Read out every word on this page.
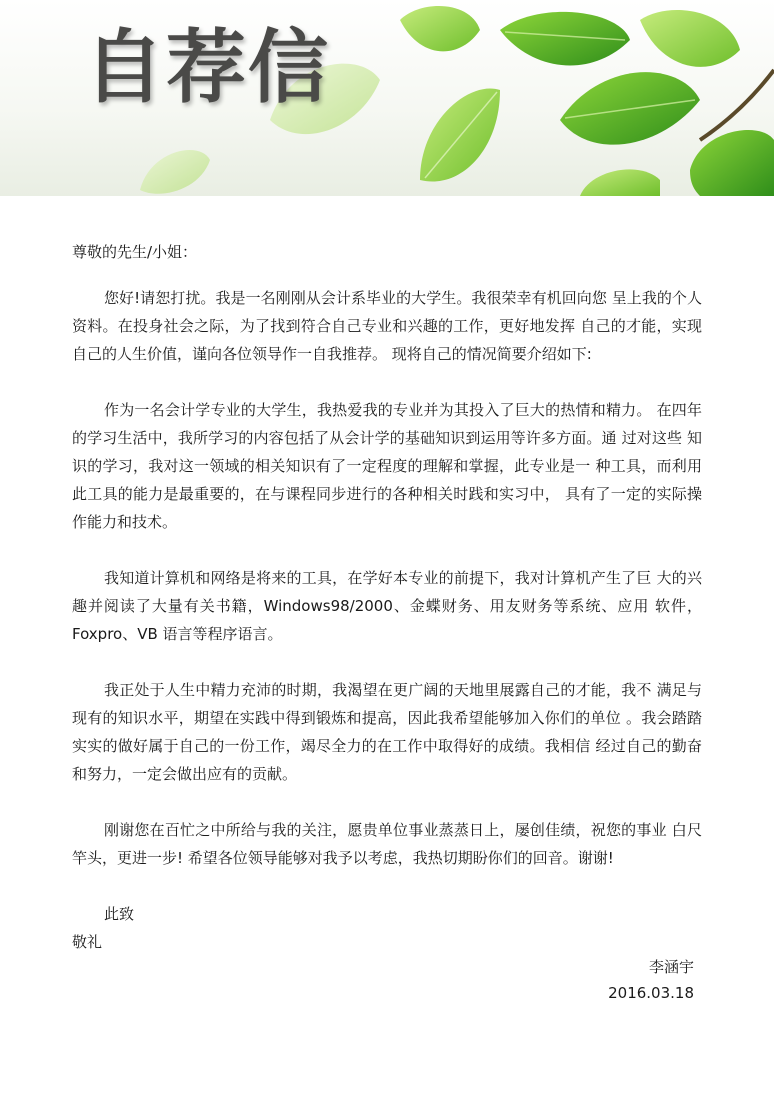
自荐信

尊敬的先生/小姐：

您好!请恕打扰。我是一名刚刚从会计系毕业的大学生。我很荣幸有机回向您 呈上我的个人资料。在投身社会之际，为了找到符合自己专业和兴趣的工作，更好地发挥 自己的才能，实现自己的人生价值，谨向各位领导作一自我推荐。 现将自己的情况简要介绍如下:

作为一名会计学专业的大学生，我热爱我的专业并为其投入了巨大的热情和精力。 在四年的学习生活中，我所学习的内容包括了从会计学的基础知识到运用等许多方面。通 过对这些 知识的学习，我对这一领域的相关知识有了一定程度的理解和掌握，此专业是一 种工具，而利用此工具的能力是最重要的，在与课程同步进行的各种相关时践和实习中， 具有了一定的实际操作能力和技术。

我知道计算机和网络是将来的工具，在学好本专业的前提下，我对计算机产生了巨 大的兴趣并阅读了大量有关书籍，Windows98/2000、金蝶财务、用友财务等系统、应用 软件，Foxpro、VB 语言等程序语言。

我正处于人生中精力充沛的时期，我渴望在更广阔的天地里展露自己的才能，我不 满足与现有的知识水平，期望在实践中得到锻炼和提高，因此我希望能够加入你们的单位 。我会踏踏实实的做好属于自己的一份工作，竭尽全力的在工作中取得好的成绩。我相信 经过自己的勤奋和努力，一定会做出应有的贡献。

刚谢您在百忙之中所给与我的关注，愿贵单位事业蒸蒸日上，屡创佳绩，祝您的事业 白尺竿头，更进一步! 希望各位领导能够对我予以考虑，我热切期盼你们的回音。谢谢!

此致

敬礼

李涵宇
2016.03.18
